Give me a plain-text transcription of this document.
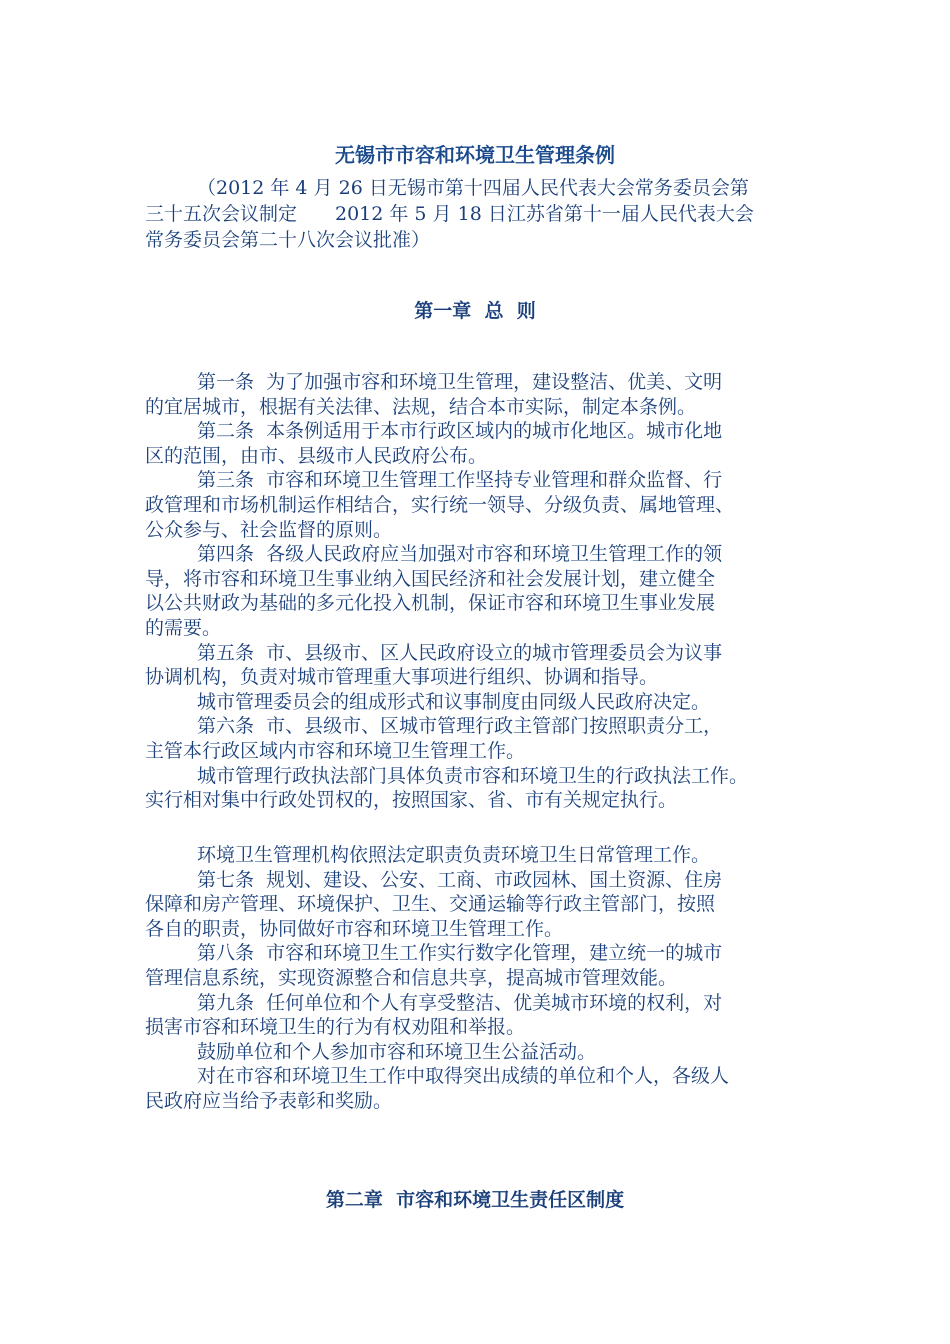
无锡市市容和环境卫生管理条例

（2012 年 4 月 26 日无锡市第十四届人民代表大会常务委员会第
三十五次会议制定　　2012 年 5 月 18 日江苏省第十一届人民代表大会
常务委员会第二十八次会议批准）

第一章  总  则
第一条  为了加强市容和环境卫生管理，建设整洁、优美、文明
的宜居城市，根据有关法律、法规，结合本市实际，制定本条例。
第二条  本条例适用于本市行政区域内的城市化地区。城市化地
区的范围，由市、县级市人民政府公布。
第三条  市容和环境卫生管理工作坚持专业管理和群众监督、行
政管理和市场机制运作相结合，实行统一领导、分级负责、属地管理、
公众参与、社会监督的原则。
第四条  各级人民政府应当加强对市容和环境卫生管理工作的领
导，将市容和环境卫生事业纳入国民经济和社会发展计划，建立健全
以公共财政为基础的多元化投入机制，保证市容和环境卫生事业发展
的需要。
第五条  市、县级市、区人民政府设立的城市管理委员会为议事
协调机构，负责对城市管理重大事项进行组织、协调和指导。
城市管理委员会的组成形式和议事制度由同级人民政府决定。
第六条  市、县级市、区城市管理行政主管部门按照职责分工，
主管本行政区域内市容和环境卫生管理工作。
城市管理行政执法部门具体负责市容和环境卫生的行政执法工作。
实行相对集中行政处罚权的，按照国家、省、市有关规定执行。
环境卫生管理机构依照法定职责负责环境卫生日常管理工作。
第七条  规划、建设、公安、工商、市政园林、国土资源、住房
保障和房产管理、环境保护、卫生、交通运输等行政主管部门，按照
各自的职责，协同做好市容和环境卫生管理工作。
第八条  市容和环境卫生工作实行数字化管理，建立统一的城市
管理信息系统，实现资源整合和信息共享，提高城市管理效能。
第九条  任何单位和个人有享受整洁、优美城市环境的权利，对
损害市容和环境卫生的行为有权劝阻和举报。
鼓励单位和个人参加市容和环境卫生公益活动。
对在市容和环境卫生工作中取得突出成绩的单位和个人，各级人
民政府应当给予表彰和奖励。
第二章  市容和环境卫生责任区制度
